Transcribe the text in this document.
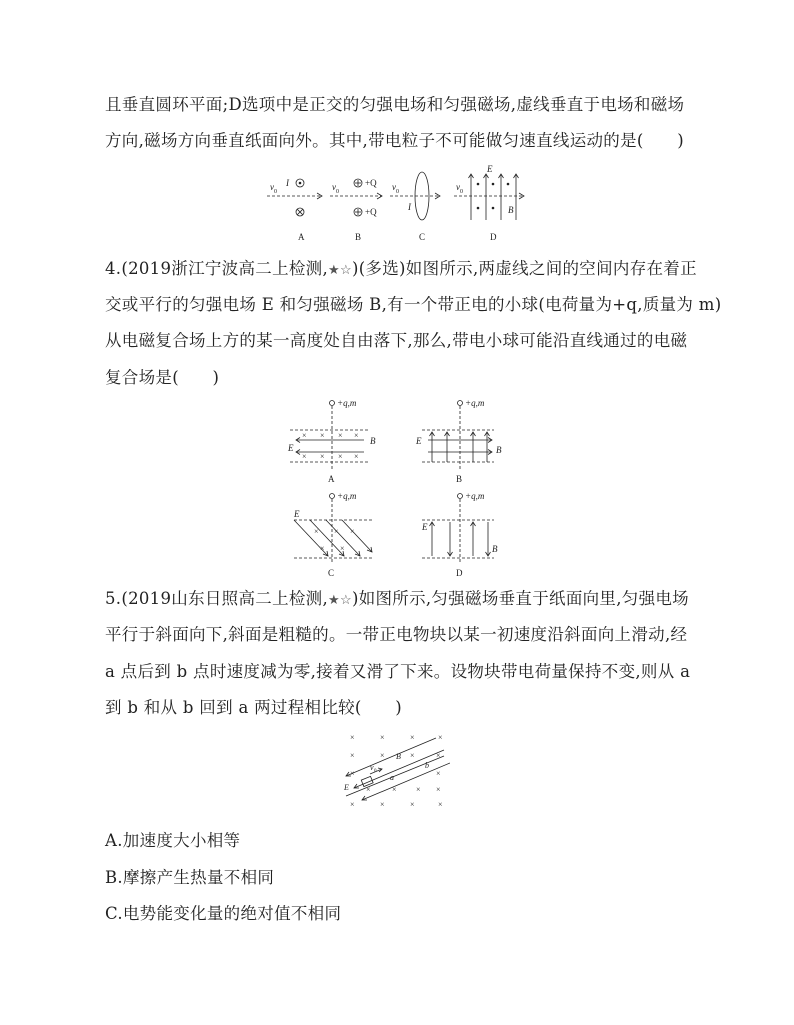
且垂直圆环平面;D选项中是正交的匀强电场和匀强磁场,虚线垂直于电场和磁场
方向,磁场方向垂直纸面向外。其中,带电粒子不可能做匀速直线运动的是(　　)
v 0
I
A
v 0
+Q
+Q
B
v 0
I
C
v 0
E
B
D
4.(2019浙江宁波高二上检测,★☆)(多选)如图所示,两虚线之间的空间内存在着正
交或平行的匀强电场 E 和匀强磁场 B,有一个带正电的小球(电荷量为+q,质量为 m)
从电磁复合场上方的某一高度处自由落下,那么,带电小球可能沿直线通过的电磁
复合场是(　　)
+q,m
E
B
× × × ×
× × × ×
A
+q,m
E
B
B
+q,m
E
× × ×
× ×
C
+q,m
E
B
D
5.(2019山东日照高二上检测,★☆)如图所示,匀强磁场垂直于纸面向里,匀强电场
平行于斜面向下,斜面是粗糙的。一带正电物块以某一初速度沿斜面向上滑动,经
a 点后到 b 点时速度减为零,接着又滑了下来。设物块带电荷量保持不变,则从 a
到 b 和从 b 回到 a 两过程相比较(　　)
×	×	×	×
×	×	×	×
×	×
×	× × ×
×	×	×	×
v 0
B
E
a
b
A.加速度大小相等
B.摩擦产生热量不相同
C.电势能变化量的绝对值不相同
